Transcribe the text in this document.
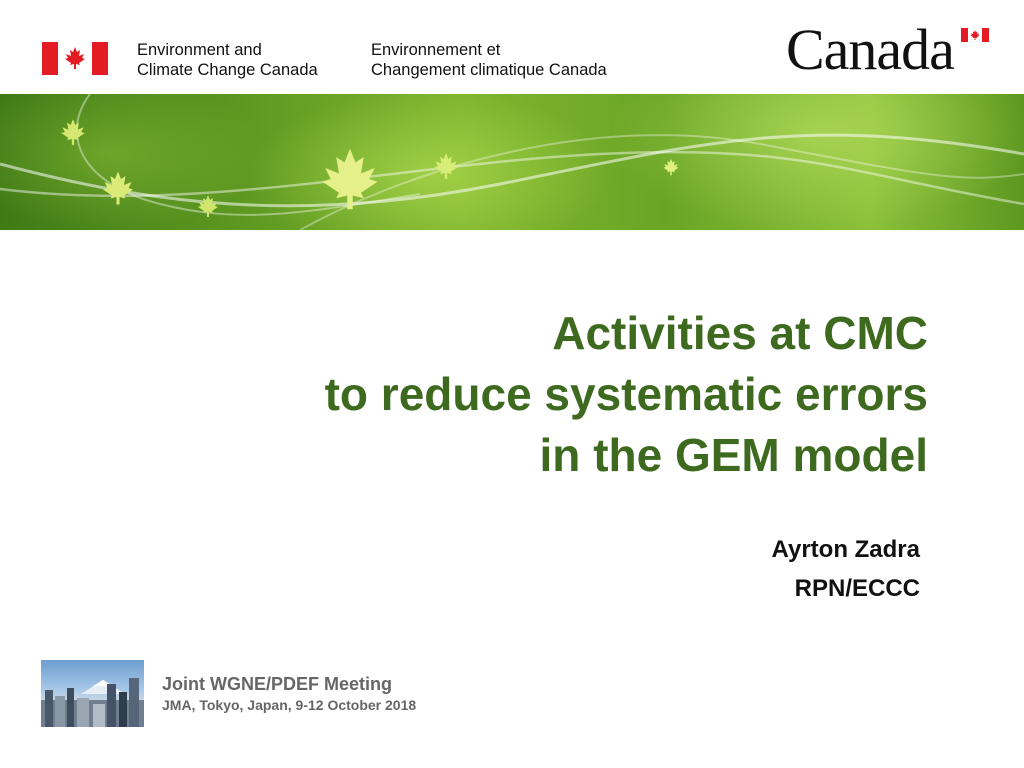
Environment and
Climate Change Canada
Environnement et
Changement climatique Canada	Canada
Activities at CMC
to reduce systematic errors
in the GEM model
Ayrton Zadra
RPN/ECCC
Joint WGNE/PDEF Meeting
JMA, Tokyo, Japan, 9-12 October 2018
